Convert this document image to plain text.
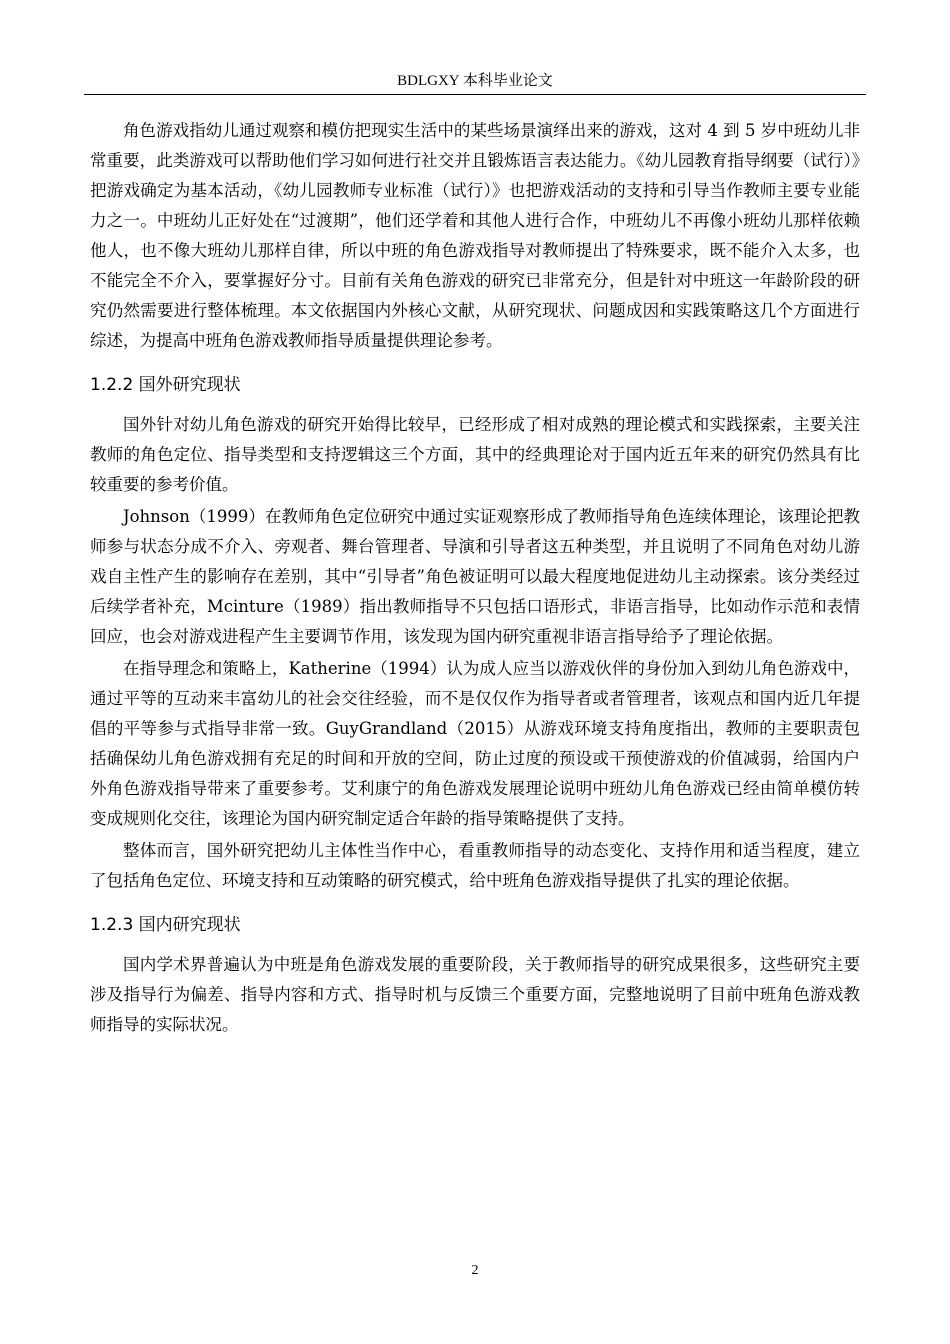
BDLGXY 本科毕业论文

角色游戏指幼儿通过观察和模仿把现实生活中的某些场景演绎出来的游戏，这对 4 到 5 岁中班幼儿非常重要，此类游戏可以帮助他们学习如何进行社交并且锻炼语言表达能力。《幼儿园教育指导纲要（试行）》把游戏确定为基本活动，《幼儿园教师专业标准（试行）》也把游戏活动的支持和引导当作教师主要专业能力之一。中班幼儿正好处在“过渡期”，他们还学着和其他人进行合作，中班幼儿不再像小班幼儿那样依赖他人，也不像大班幼儿那样自律，所以中班的角色游戏指导对教师提出了特殊要求，既不能介入太多，也不能完全不介入，要掌握好分寸。目前有关角色游戏的研究已非常充分，但是针对中班这一年龄阶段的研究仍然需要进行整体梳理。本文依据国内外核心文献，从研究现状、问题成因和实践策略这几个方面进行综述，为提高中班角色游戏教师指导质量提供理论参考。

1.2.2 国外研究现状

国外针对幼儿角色游戏的研究开始得比较早，已经形成了相对成熟的理论模式和实践探索，主要关注教师的角色定位、指导类型和支持逻辑这三个方面，其中的经典理论对于国内近五年来的研究仍然具有比较重要的参考价值。

Johnson（1999）在教师角色定位研究中通过实证观察形成了教师指导角色连续体理论，该理论把教师参与状态分成不介入、旁观者、舞台管理者、导演和引导者这五种类型，并且说明了不同角色对幼儿游戏自主性产生的影响存在差别，其中“引导者”角色被证明可以最大程度地促进幼儿主动探索。该分类经过后续学者补充，Mcinture（1989）指出教师指导不只包括口语形式，非语言指导，比如动作示范和表情回应，也会对游戏进程产生主要调节作用，该发现为国内研究重视非语言指导给予了理论依据。

在指导理念和策略上，Katherine（1994）认为成人应当以游戏伙伴的身份加入到幼儿角色游戏中，通过平等的互动来丰富幼儿的社会交往经验，而不是仅仅作为指导者或者管理者，该观点和国内近几年提倡的平等参与式指导非常一致。GuyGrandland（2015）从游戏环境支持角度指出，教师的主要职责包括确保幼儿角色游戏拥有充足的时间和开放的空间，防止过度的预设或干预使游戏的价值减弱，给国内户外角色游戏指导带来了重要参考。艾利康宁的角色游戏发展理论说明中班幼儿角色游戏已经由简单模仿转变成规则化交往，该理论为国内研究制定适合年龄的指导策略提供了支持。

整体而言，国外研究把幼儿主体性当作中心，看重教师指导的动态变化、支持作用和适当程度，建立了包括角色定位、环境支持和互动策略的研究模式，给中班角色游戏指导提供了扎实的理论依据。

1.2.3 国内研究现状

国内学术界普遍认为中班是角色游戏发展的重要阶段，关于教师指导的研究成果很多，这些研究主要涉及指导行为偏差、指导内容和方式、指导时机与反馈三个重要方面，完整地说明了目前中班角色游戏教师指导的实际状况。

2
